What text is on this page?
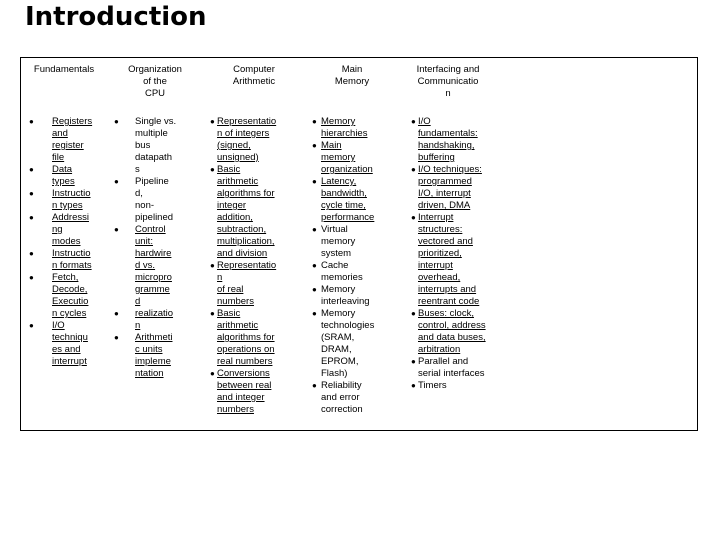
Introduction
Fundamentals
● Registers
and
register
file
● Data
types
● Instructio
n types
● Addressi
ng
modes
● Instructio
n formats
● Fetch,
Decode,
Executio
n cycles
● I/O
techniqu
es and
interrupt
Organization
of the
CPU
● Single vs.
multiple
bus
datapath
s
● Pipeline
d,
non-
pipelined
● Control
unit:
hardwire
d vs.
micropro
gramme
d
● realizatio
n
● Arithmeti
c units
impleme
ntation
Computer
Arithmetic
● Representatio
n of integers
(signed,
unsigned)
● Basic
arithmetic
algorithms for
integer
addition,
subtraction,
multiplication,
and division
● Representatio
n
of real
numbers
● Basic
arithmetic
algorithms for
operations on
real numbers
● Conversions
between real
and integer
numbers
Main
Memory
● Memory
hierarchies
● Main
memory
organization
● Latency,
bandwidth,
cycle time,
performance
● Virtual
memory
system
● Cache
memories
● Memory
interleaving
● Memory
technologies
(SRAM,
DRAM,
EPROM,
Flash)
● Reliability
and error
correction
Interfacing and
Communicatio
n
● I/O
fundamentals:
handshaking,
buffering
● I/O techniques:
programmed
I/O, interrupt
driven, DMA
● Interrupt
structures:
vectored and
prioritized,
interrupt
overhead,
interrupts and
reentrant code
● Buses: clock,
control, address
and data buses,
arbitration
● Parallel and
serial interfaces
● Timers
